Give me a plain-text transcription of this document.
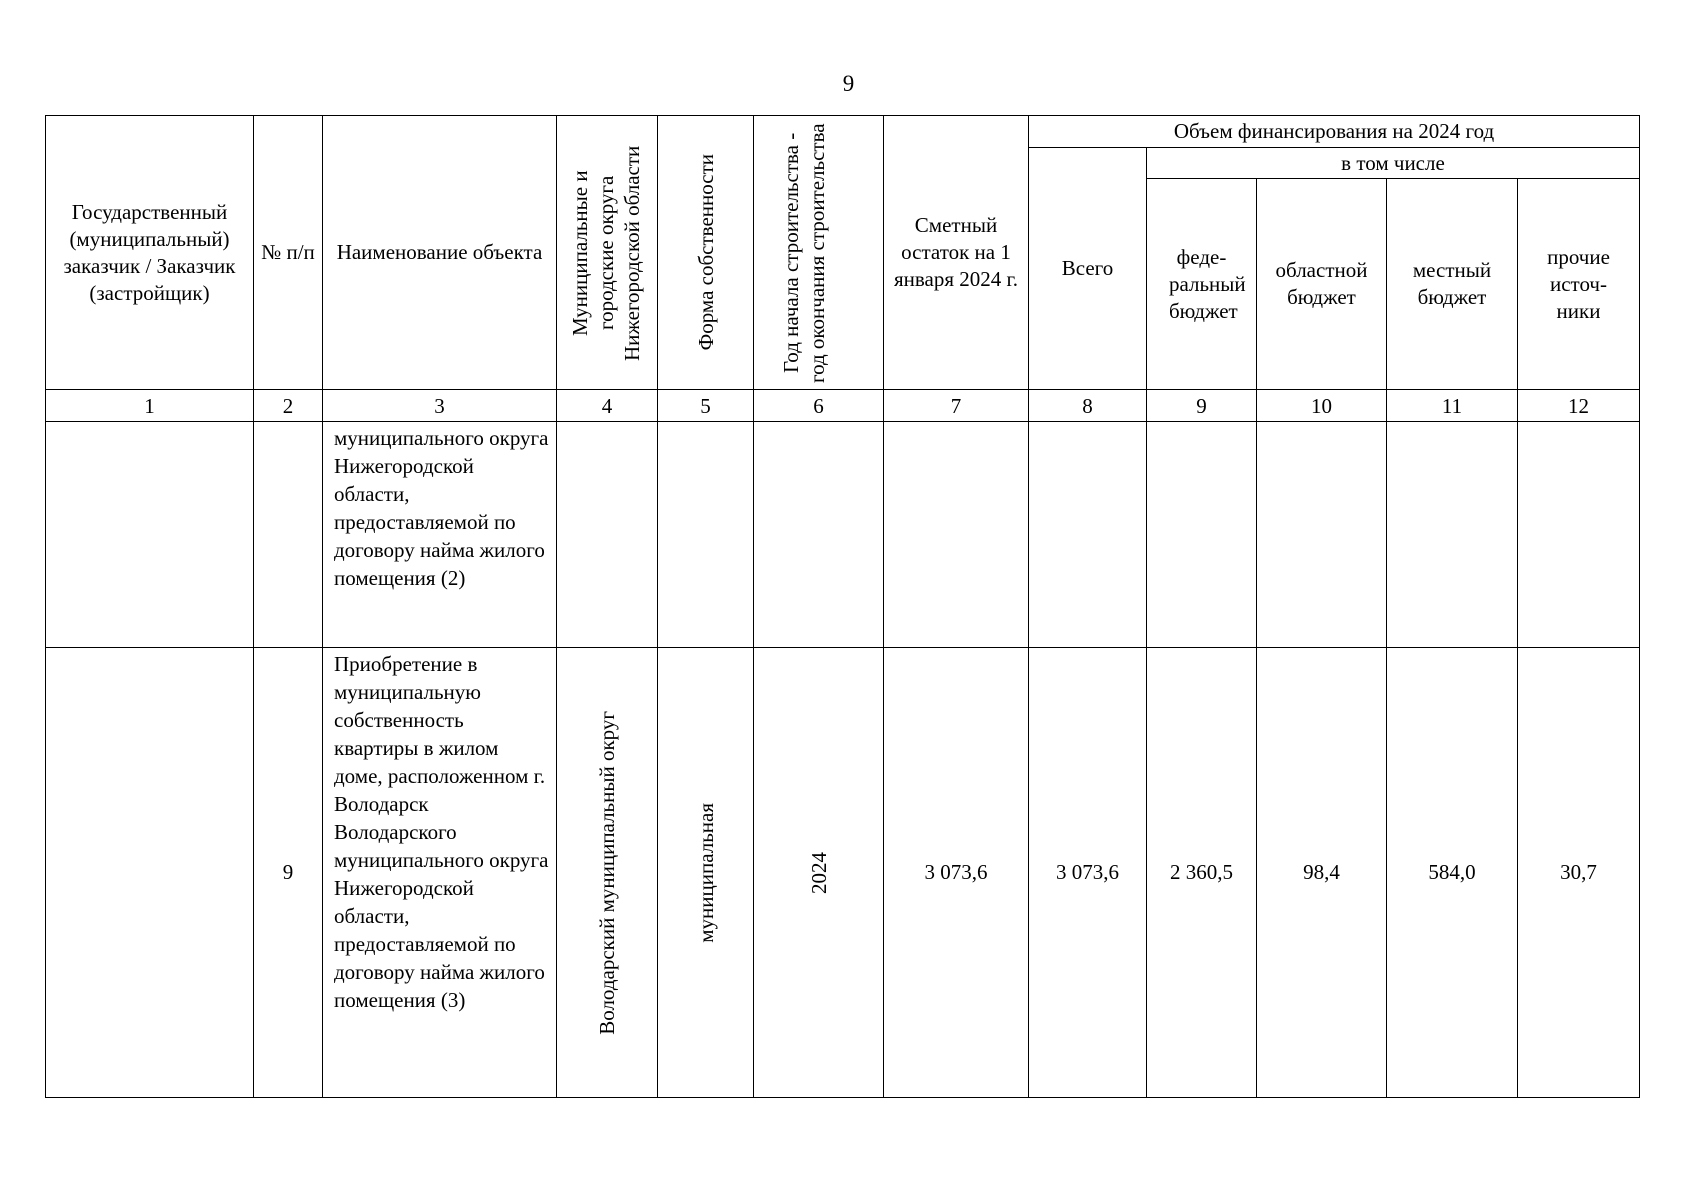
9
Государственный (муниципальный) заказчик / Заказчик (застройщик)	№ п/п	Наименование объекта	Муниципальные и городские округа Нижегородской области	Форма собственности	Год начала строительства - год окончания строительства	Сметный остаток на 1 января 2024 г.	Объем финансирования на 2024 год				
							Всего	в том числе			
								феде-ральный бюджет	областной бюджет	местный бюджет	прочие источ-ники
1	2	3	4	5	6	7	8	9	10	11	12
		муниципального округа Нижегородской области, предоставляемой по договору найма жилого помещения (2)									
	9	Приобретение в муниципальную собственность квартиры в жилом доме, расположенном г. Володарск Володарского муниципального округа Нижегородской области, предоставляемой по договору найма жилого помещения (3)	Володарский муниципальный округ	муниципальная	2024	3 073,6	3 073,6	2 360,5	98,4	584,0	30,7
